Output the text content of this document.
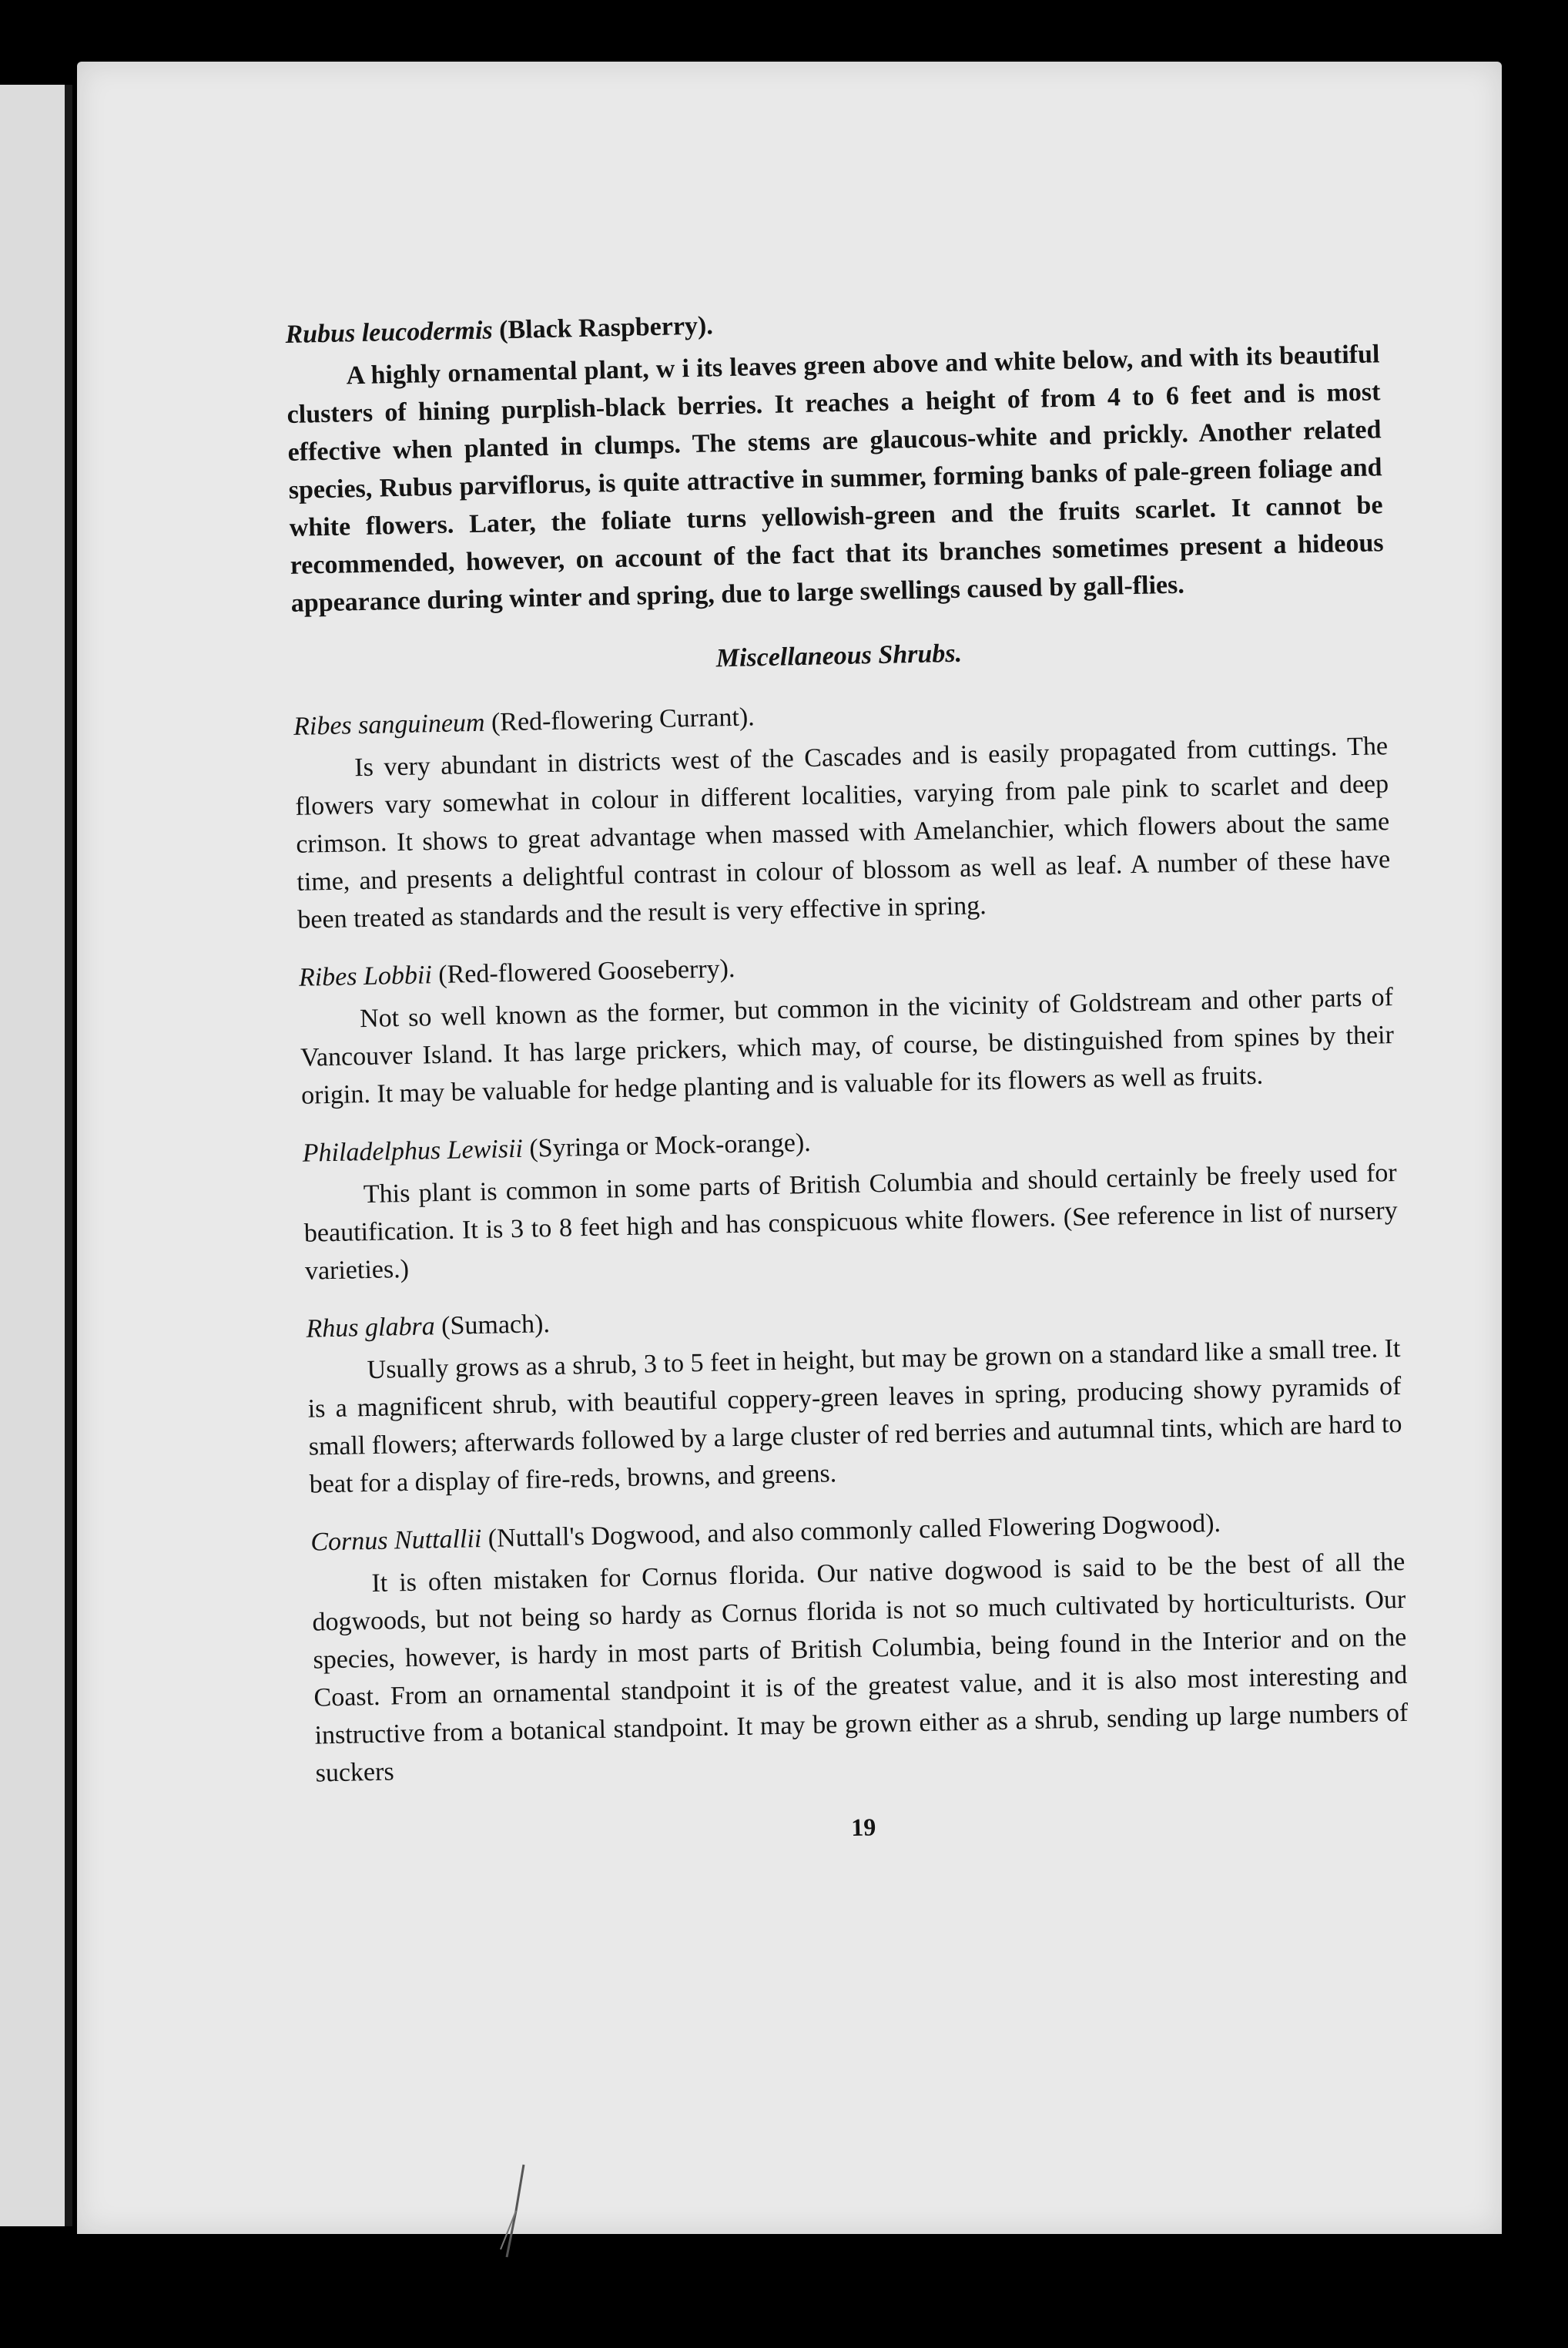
Rubus leucodermis (Black Raspberry).

A highly ornamental plant, w i its leaves green above and white below, and with its beautiful clusters of hining purplish-black berries. It reaches a height of from 4 to 6 feet and is most effective when planted in clumps. The stems are glaucous-white and prickly. Another related species, Rubus parviflorus, is quite attractive in summer, forming banks of pale-green foliage and white flowers. Later, the foliate turns yellowish-green and the fruits scarlet. It cannot be recommended, however, on account of the fact that its branches sometimes present a hideous appearance during winter and spring, due to large swellings caused by gall-flies.

Miscellaneous Shrubs.

Ribes sanguineum (Red-flowering Currant).

Is very abundant in districts west of the Cascades and is easily propagated from cuttings. The flowers vary somewhat in colour in different localities, varying from pale pink to scarlet and deep crimson. It shows to great advantage when massed with Amelanchier, which flowers about the same time, and presents a delightful contrast in colour of blossom as well as leaf. A number of these have been treated as standards and the result is very effective in spring.

Ribes Lobbii (Red-flowered Gooseberry).

Not so well known as the former, but common in the vicinity of Goldstream and other parts of Vancouver Island. It has large prickers, which may, of course, be distinguished from spines by their origin. It may be valuable for hedge planting and is valuable for its flowers as well as fruits.

Philadelphus Lewisii (Syringa or Mock-orange).

This plant is common in some parts of British Columbia and should certainly be freely used for beautification. It is 3 to 8 feet high and has conspicuous white flowers. (See reference in list of nursery varieties.)

Rhus glabra (Sumach).

Usually grows as a shrub, 3 to 5 feet in height, but may be grown on a standard like a small tree. It is a magnificent shrub, with beautiful coppery-green leaves in spring, producing showy pyramids of small flowers; afterwards followed by a large cluster of red berries and autumnal tints, which are hard to beat for a display of fire-reds, browns, and greens.

Cornus Nuttallii (Nuttall's Dogwood, and also commonly called Flowering Dogwood).

It is often mistaken for Cornus florida. Our native dogwood is said to be the best of all the dogwoods, but not being so hardy as Cornus florida is not so much cultivated by horticulturists. Our species, however, is hardy in most parts of British Columbia, being found in the Interior and on the Coast. From an ornamental standpoint it is of the greatest value, and it is also most interesting and instructive from a botanical standpoint. It may be grown either as a shrub, sending up large numbers of suckers

19
